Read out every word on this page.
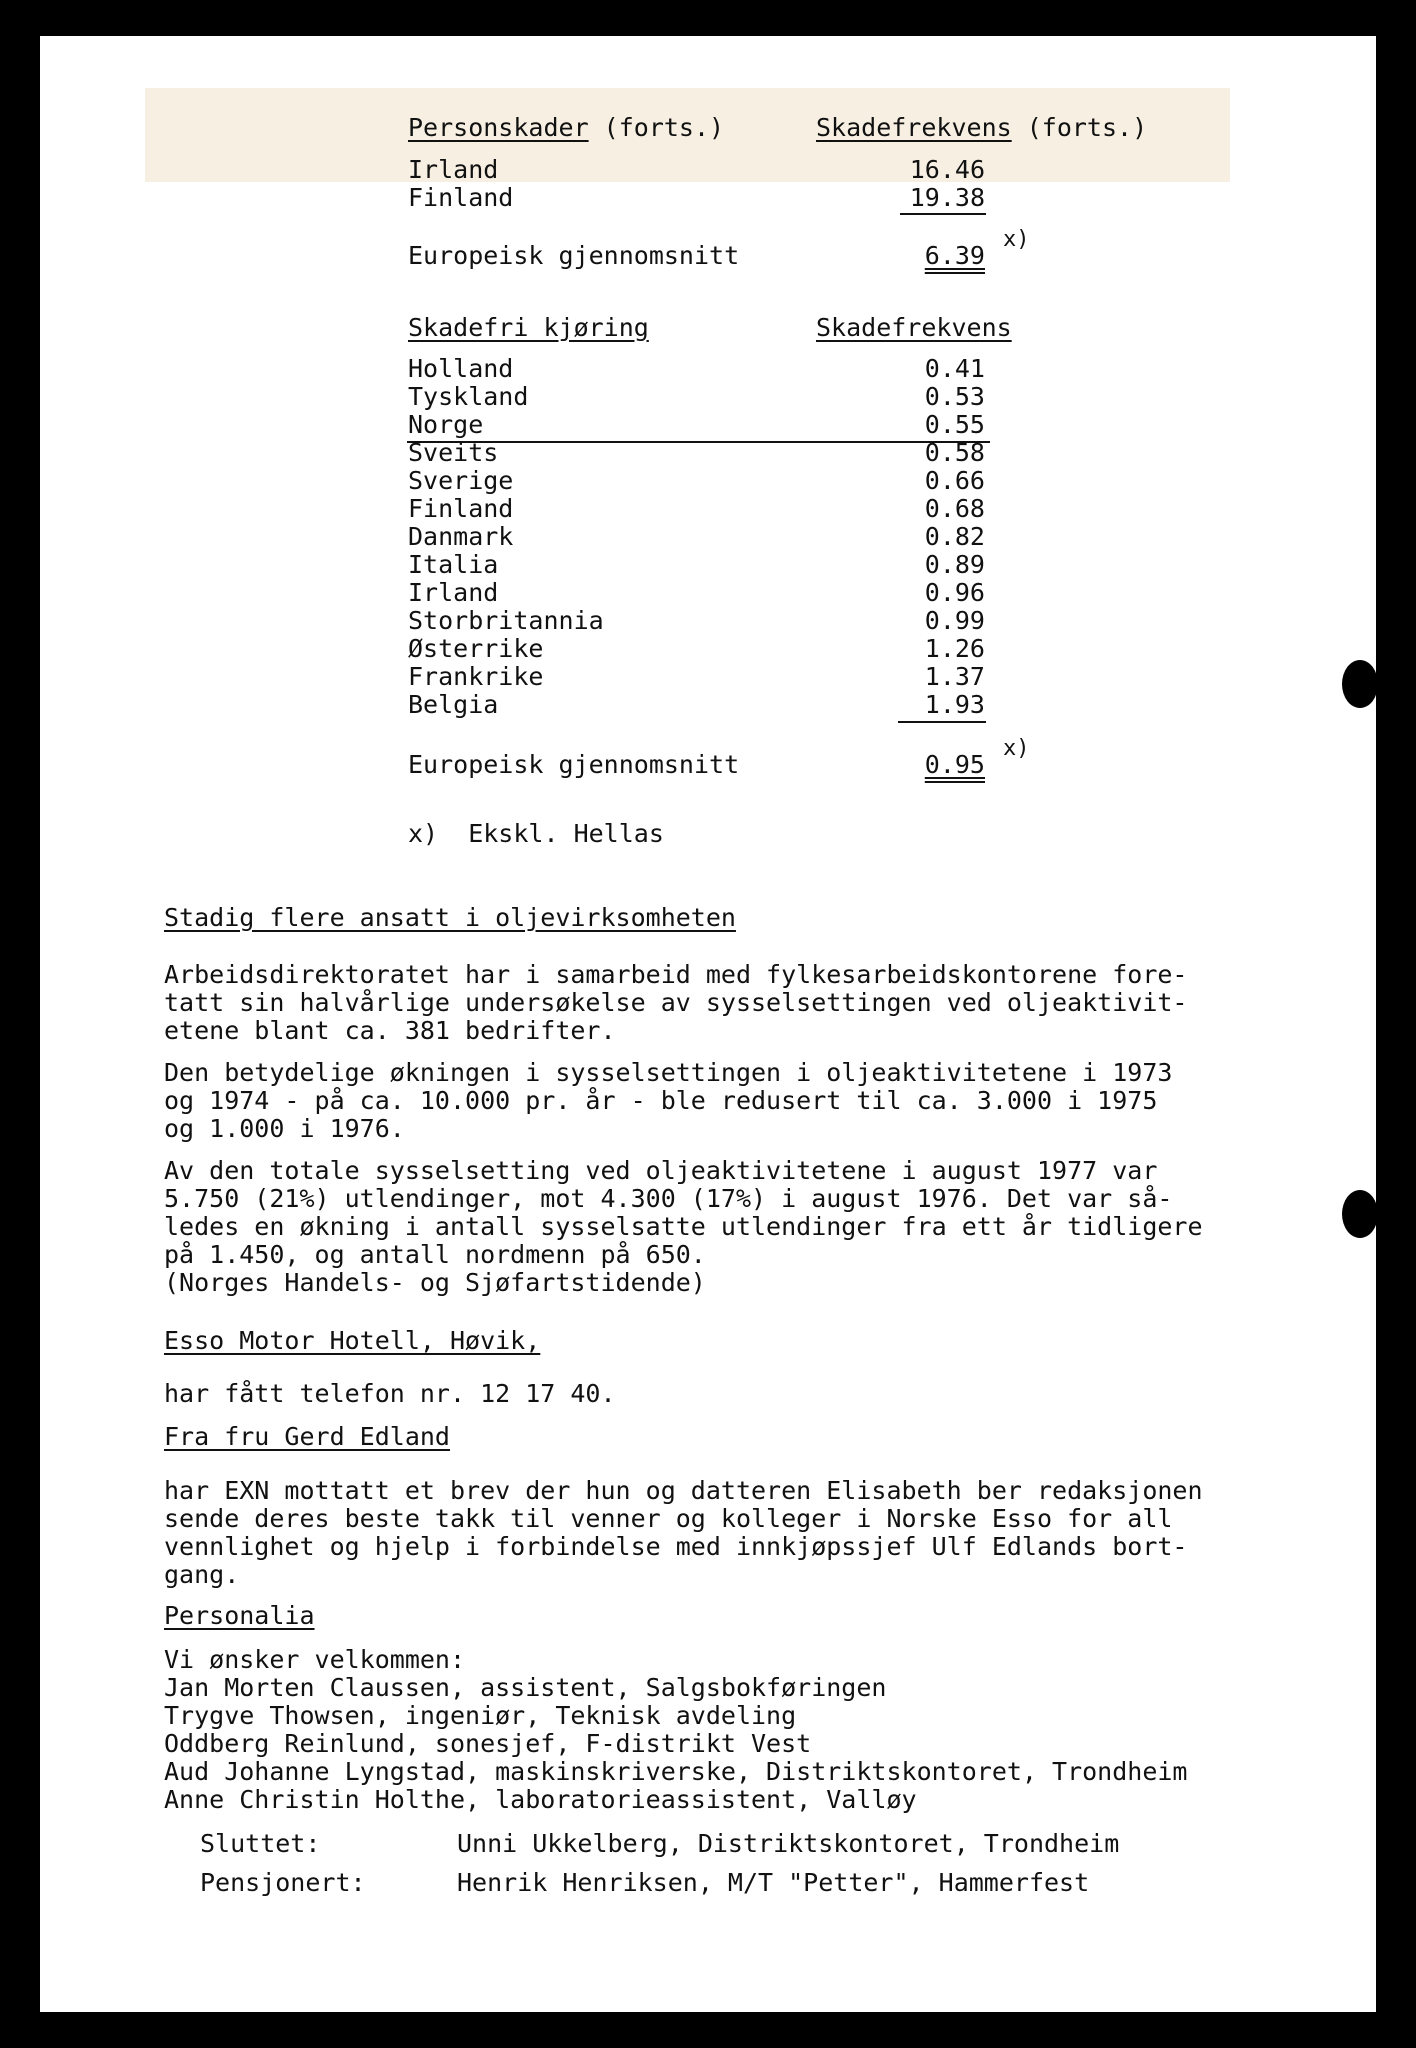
Personskader (forts.)	Skadefrekvens (forts.)
Irland	16.46
Finland	19.38
Europeisk gjennomsnitt	6.39
x)
Skadefri kjøring	Skadefrekvens
Holland	0.41
Tyskland	0.53
Norge	0.55
Sveits	0.58
Sverige	0.66
Finland	0.68
Danmark	0.82
Italia	0.89
Irland	0.96
Storbritannia	0.99
Østerrike	1.26
Frankrike	1.37
Belgia	1.93
Europeisk gjennomsnitt	0.95
x)
x)  Ekskl. Hellas
Stadig flere ansatt i oljevirksomheten
Arbeidsdirektoratet har i samarbeid med fylkesarbeidskontorene fore-
tatt sin halvårlige undersøkelse av sysselsettingen ved oljeaktivit-
etene blant ca. 381 bedrifter.
Den betydelige økningen i sysselsettingen i oljeaktivitetene i 1973
og 1974 - på ca. 10.000 pr. år - ble redusert til ca. 3.000 i 1975
og 1.000 i 1976.
Av den totale sysselsetting ved oljeaktivitetene i august 1977 var
5.750 (21%) utlendinger, mot 4.300 (17%) i august 1976. Det var så-
ledes en økning i antall sysselsatte utlendinger fra ett år tidligere
på 1.450, og antall nordmenn på 650.
(Norges Handels- og Sjøfartstidende)
Esso Motor Hotell, Høvik,
har fått telefon nr. 12 17 40.
Fra fru Gerd Edland
har EXN mottatt et brev der hun og datteren Elisabeth ber redaksjonen
sende deres beste takk til venner og kolleger i Norske Esso for all
vennlighet og hjelp i forbindelse med innkjøpssjef Ulf Edlands bort-
gang.
Personalia
Vi ønsker velkommen:
Jan Morten Claussen, assistent, Salgsbokføringen
Trygve Thowsen, ingeniør, Teknisk avdeling
Oddberg Reinlund, sonesjef, F-distrikt Vest
Aud Johanne Lyngstad, maskinskriverske, Distriktskontoret, Trondheim
Anne Christin Holthe, laboratorieassistent, Valløy
Sluttet:	Unni Ukkelberg, Distriktskontoret, Trondheim
Pensjonert:	Henrik Henriksen, M/T "Petter", Hammerfest
